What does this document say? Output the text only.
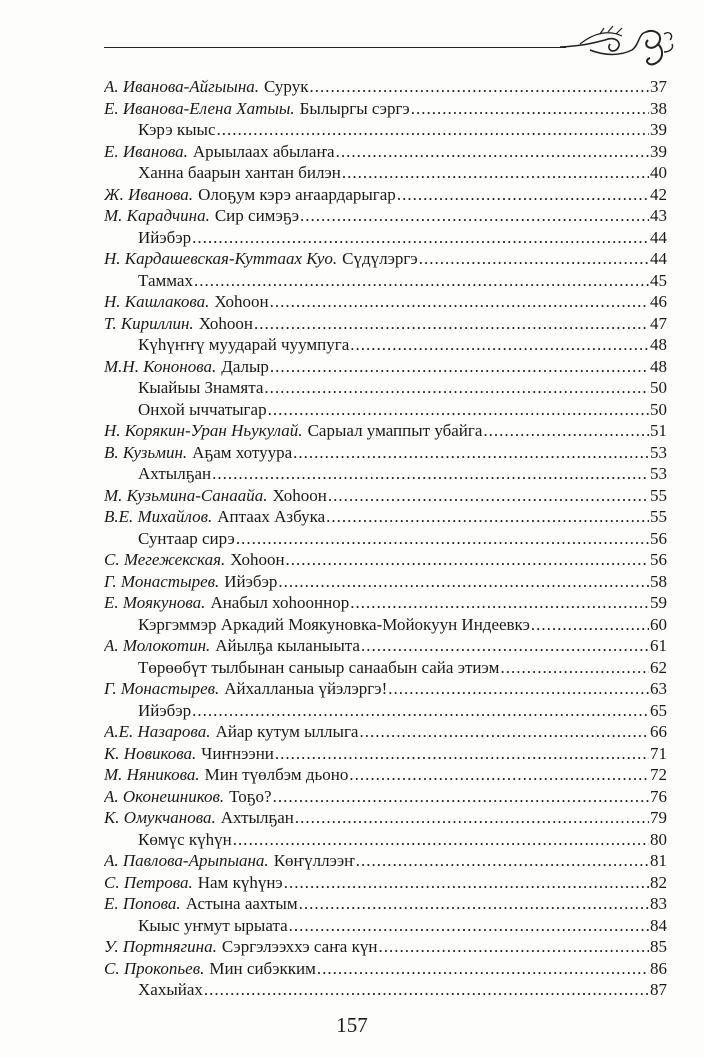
А. Иванова-Айгыына. Сурук .....	37
Е. Иванова-Елена Хатыы. Былыргы сэргэ .....	38
Кэрэ кыыс .....	39
Е. Иванова. Арыылаах абылаҥа .....	39
Ханна баарын хантан билэн .....	40
Ж. Иванова. Олоҕум кэрэ аҥаардарыгар .....	42
М. Карадчина. Сир симэҕэ .....	43
Ийэбэр .....	44
Н. Кардашевская-Куттаах Куо. Сүдүлэргэ .....	44
Таммах .....	45
Н. Кашлакова. Хоһоон .....	46
Т. Кириллин. Хоһоон .....	47
Күһүҥҥү муударай чуумпуга .....	48
М.Н. Кононова. Далыр .....	48
Кыайыы Знамята .....	50
Онхой ыччатыгар .....	50
Н. Корякин-Уран Ньукулай. Сарыал умаппыт убайга .....	51
В. Кузьмин. Аҕам хотуура .....	53
Ахтылҕан .....	53
М. Кузьмина-Санаайа. Хоһоон .....	55
В.Е. Михайлов. Аптаах Азбука .....	55
Сунтаар сирэ .....	56
С. Мегежекская. Хоһоон .....	56
Г. Монастырев. Ийэбэр .....	58
Е. Моякунова. Анабыл хоһооннор .....	59
Кэргэммэр Аркадий Моякуновка-Мойокуун Индеевкэ .....	60
А. Молокотин. Айылҕа кыланыыта .....	61
Төрөөбүт тылбынан саныыр санаабын сайа этиэм .....	62
Г. Монастырев. Айхалланыа үйэлэргэ! .....	63
Ийэбэр .....	65
А.Е. Назарова. Айар кутум ыллыга .....	66
К. Новикова. Чиҥнээни .....	71
М. Няникова. Мин түөлбэм дьоно .....	72
А. Оконешников. Тоҕо? .....	76
К. Омукчанова. Ахтылҕан .....	79
Көмүс күһүн .....	80
А. Павлова-Арыпыана. Көҥүллээҥ .....	81
С. Петрова. Нам күһүнэ .....	82
Е. Попова. Астына аахтым .....	83
Кыыс уҥмут ырыата .....	84
У. Портнягина. Сэргэлээххэ саҥа күн .....	85
С. Прокопьев. Мин сибэкким .....	86
Хахыйах .....	87
157
